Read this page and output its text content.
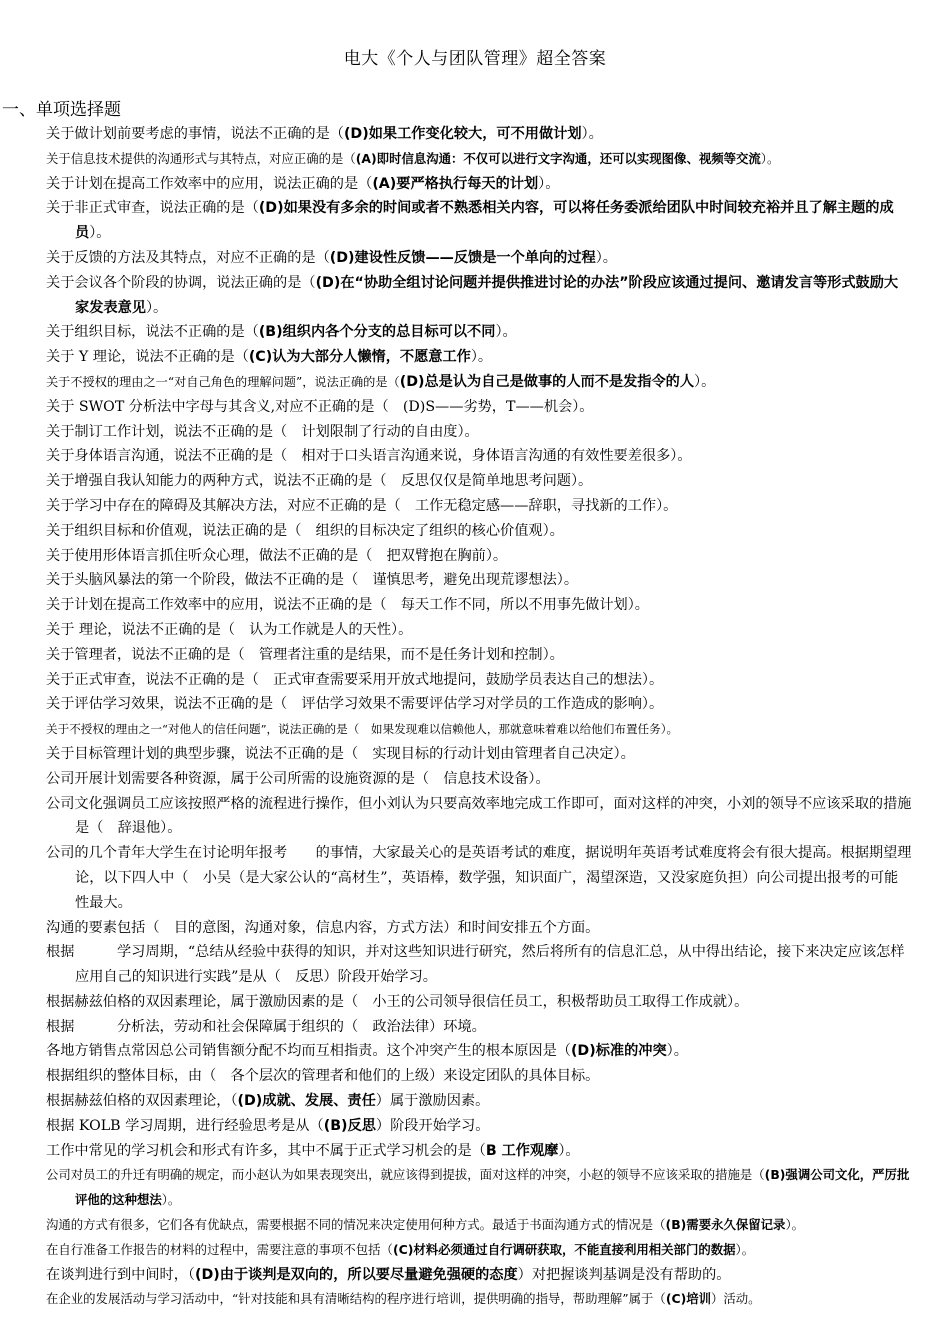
电大《个人与团队管理》超全答案
一、单项选择题
关于做计划前要考虑的事情，说法不正确的是（(D)如果工作变化较大，可不用做计划）。
关于信息技术提供的沟通形式与其特点，对应正确的是（(A)即时信息沟通：不仅可以进行文字沟通，还可以实现图像、视频等交流）。
关于计划在提高工作效率中的应用，说法正确的是（(A)要严格执行每天的计划）。
关于非正式审查，说法正确的是（(D)如果没有多余的时间或者不熟悉相关内容，可以将任务委派给团队中时间较充裕并且了解主题的成员）。
关于反馈的方法及其特点，对应不正确的是（(D)建设性反馈——反馈是一个单向的过程）。
关于会议各个阶段的协调，说法正确的是（(D)在“协助全组讨论问题并提供推进讨论的办法”阶段应该通过提问、邀请发言等形式鼓励大家发表意见）。
关于组织目标，说法不正确的是（(B)组织内各个分支的总目标可以不同）。
关于 Y 理论，说法不正确的是（(C)认为大部分人懒惰，不愿意工作）。
关于不授权的理由之一“对自己角色的理解问题”，说法正确的是（(D)总是认为自己是做事的人而不是发指令的人）。
关于 SWOT 分析法中字母与其含义,对应不正确的是（　(D)S——劣势，T——机会）。
关于制订工作计划，说法不正确的是（　计划限制了行动的自由度）。
关于身体语言沟通，说法不正确的是（　相对于口头语言沟通来说，身体语言沟通的有效性要差很多）。
关于增强自我认知能力的两种方式，说法不正确的是（　反思仅仅是简单地思考问题）。
关于学习中存在的障碍及其解决方法，对应不正确的是（　工作无稳定感——辞职，寻找新的工作）。
关于组织目标和价值观，说法正确的是（　组织的目标决定了组织的核心价值观）。
关于使用形体语言抓住听众心理，做法不正确的是（　把双臂抱在胸前）。
关于头脑风暴法的第一个阶段，做法不正确的是（　谨慎思考，避免出现荒谬想法）。
关于计划在提高工作效率中的应用，说法不正确的是（　每天工作不同，所以不用事先做计划）。
关于 理论，说法不正确的是（　认为工作就是人的天性）。
关于管理者，说法不正确的是（　管理者注重的是结果，而不是任务计划和控制）。
关于正式审查，说法不正确的是（　正式审查需要采用开放式地提问，鼓励学员表达自己的想法）。
关于评估学习效果，说法不正确的是（　评估学习效果不需要评估学习对学员的工作造成的影响）。
关于不授权的理由之一“对他人的信任问题”，说法正确的是（　如果发现难以信赖他人，那就意味着难以给他们布置任务）。
关于目标管理计划的典型步骤，说法不正确的是（　实现目标的行动计划由管理者自己决定）。
公司开展计划需要各种资源，属于公司所需的设施资源的是（　信息技术设备）。
公司文化强调员工应该按照严格的流程进行操作，但小刘认为只要高效率地完成工作即可，面对这样的冲突，小刘的领导不应该采取的措施是（　辞退他）。
公司的几个青年大学生在讨论明年报考　　的事情，大家最关心的是英语考试的难度，据说明年英语考试难度将会有很大提高。根据期望理论，以下四人中（　小吴（是大家公认的“高材生”，英语棒，数学强，知识面广，渴望深造，又没家庭负担）向公司提出报考的可能性最大。
沟通的要素包括（　目的意图，沟通对象，信息内容，方式方法）和时间安排五个方面。
根据　　　学习周期，“总结从经验中获得的知识，并对这些知识进行研究，然后将所有的信息汇总，从中得出结论，接下来决定应该怎样应用自己的知识进行实践”是从（　反思）阶段开始学习。
根据赫兹伯格的双因素理论，属于激励因素的是（　小王的公司领导很信任员工，积极帮助员工取得工作成就）。
根据　　　分析法，劳动和社会保障属于组织的（　政治法律）环境。
各地方销售点常因总公司销售额分配不均而互相指责。这个冲突产生的根本原因是（(D)标准的冲突）。
根据组织的整体目标，由（　各个层次的管理者和他们的上级）来设定团队的具体目标。
根据赫兹伯格的双因素理论，（(D)成就、发展、责任）属于激励因素。
根据 KOLB 学习周期，进行经验思考是从（(B)反思）阶段开始学习。
工作中常见的学习机会和形式有许多，其中不属于正式学习机会的是（B 工作观摩）。
公司对员工的升迁有明确的规定，而小赵认为如果表现突出，就应该得到提拔，面对这样的冲突，小赵的领导不应该采取的措施是（(B)强调公司文化，严厉批评他的这种想法）。
沟通的方式有很多，它们各有优缺点，需要根据不同的情况来决定使用何种方式。最适于书面沟通方式的情况是（(B)需要永久保留记录）。
在自行准备工作报告的材料的过程中，需要注意的事项不包括（(C)材料必须通过自行调研获取，不能直接利用相关部门的数据）。
在谈判进行到中间时，（(D)由于谈判是双向的，所以要尽量避免强硬的态度）对把握谈判基调是没有帮助的。
在企业的发展活动与学习活动中，“针对技能和具有清晰结构的程序进行培训，提供明确的指导，帮助理解”属于（(C)培训）活动。
